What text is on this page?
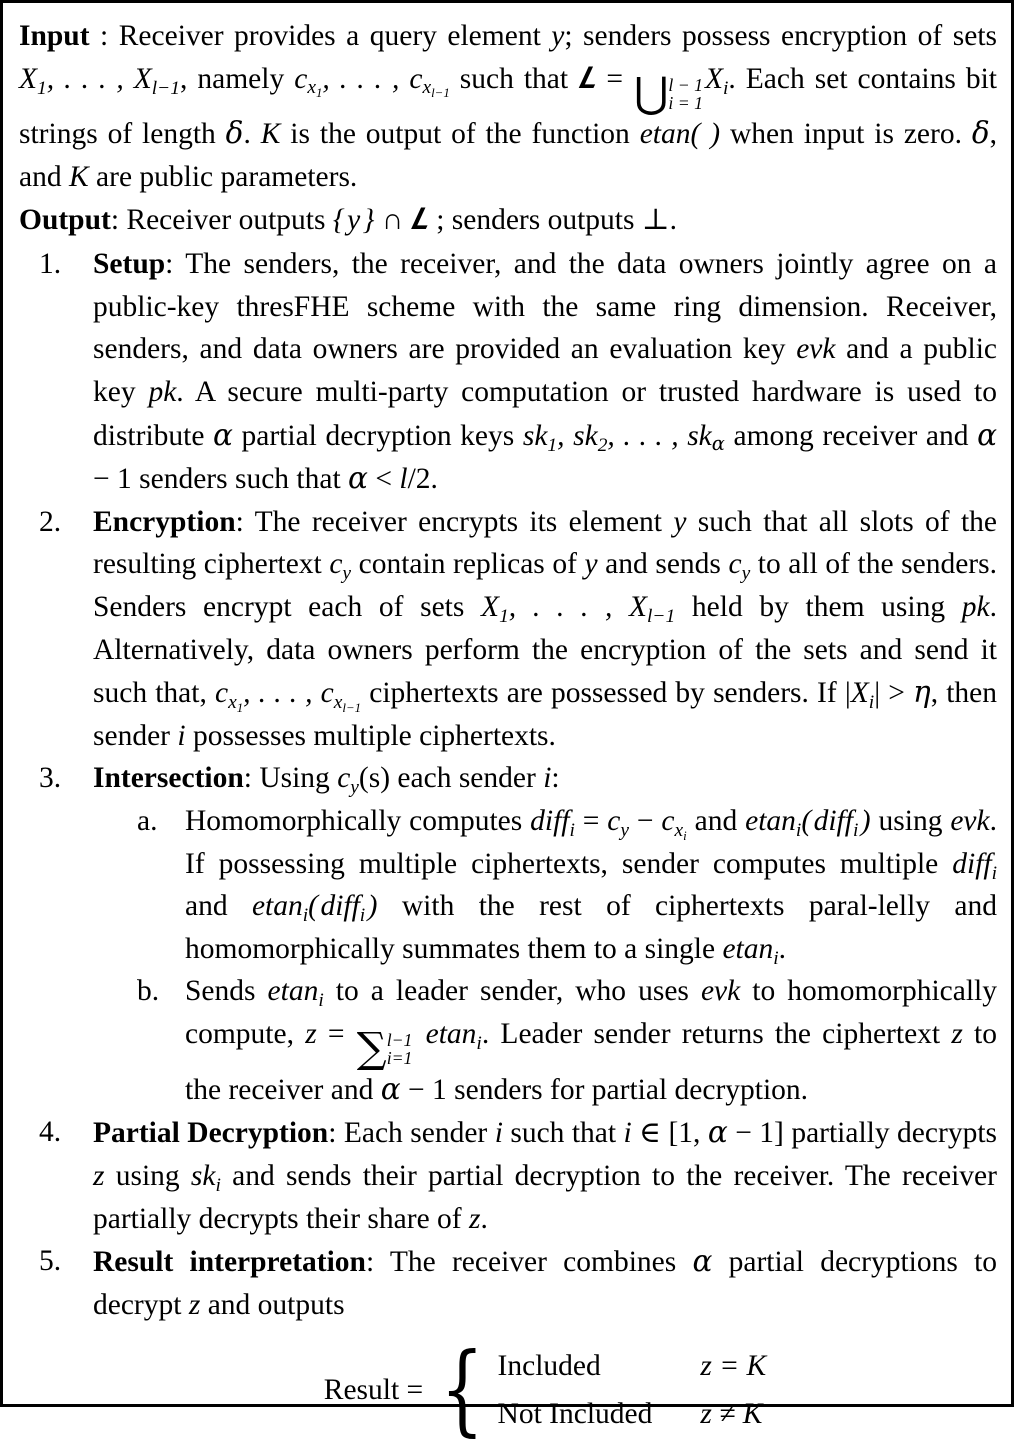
Input : Receiver provides a query element y; senders possess encryption of sets $X_1$, . . . , $X_{l-1}$, namely $c_{x_1}$, . . . , $c_{x_{l-1}}$ such that 𝑳 = ⋃ l − 1
i = 1
$X_i$. Each set contains bit strings of length δ. K is the output of the function etan( ) when input is zero. δ, and K are public parameters.

Output: Receiver outputs { y } ∩ 𝑳 ; senders outputs ⊥.

1.	Setup: The senders, the receiver, and the data owners jointly agree on a public-key thresFHE scheme with the same ring dimension. Receiver, senders, and data owners are provided an evaluation key evk and a public key pk. A secure multi-party computation or trusted hardware is used to distribute α partial decryption keys $sk_1$, $sk_2$, . . . , $sk_\alpha$ among receiver and α − 1 senders such that α < l/2.
2.	Encryption: The receiver encrypts its element y such that all slots of the resulting ciphertext $c_y$ contain replicas of y and sends $c_y$ to all of the senders. Senders encrypt each of sets $X_1$, . . . , $X_{l-1}$ held by them using pk. Alternatively, data owners perform the encryption of the sets and send it such that, $c_{x_1}$, . . . , $c_{x_{l-1}}$ ciphertexts are possessed by senders. If $|X_i| > \eta$, then sender i possesses multiple ciphertexts.
3.	Intersection: Using $c_y(s)$ each sender i:
a. Homomorphically computes diff$_i$ = $c_y - c_{x_i}$ and etan$_i$( diff$_i$ ) using evk. If possessing multiple ciphertexts, sender computes multiple diff$_i$ and etan$_i$( diff$_i$ ) with the rest of ciphertexts paral-lelly and homomorphically summates them to a single etan$_i$.
b. Sends etan$_i$ to a leader sender, who uses evk to homomorphically compute, z = ∑ l−1
i=1
etan$_i$. Leader sender returns the ciphertext z to the receiver and α − 1 senders for partial decryption.
4.	Partial Decryption: Each sender i such that i ∈ [1, α − 1] partially decrypts z using $sk_i$ and sends their partial decryption to the receiver. The receiver partially decrypts their share of z.
5.	Result interpretation: The receiver combines α partial decryptions to decrypt z and outputs
Result = { Included	z = K
Not Included	z ≠ K
